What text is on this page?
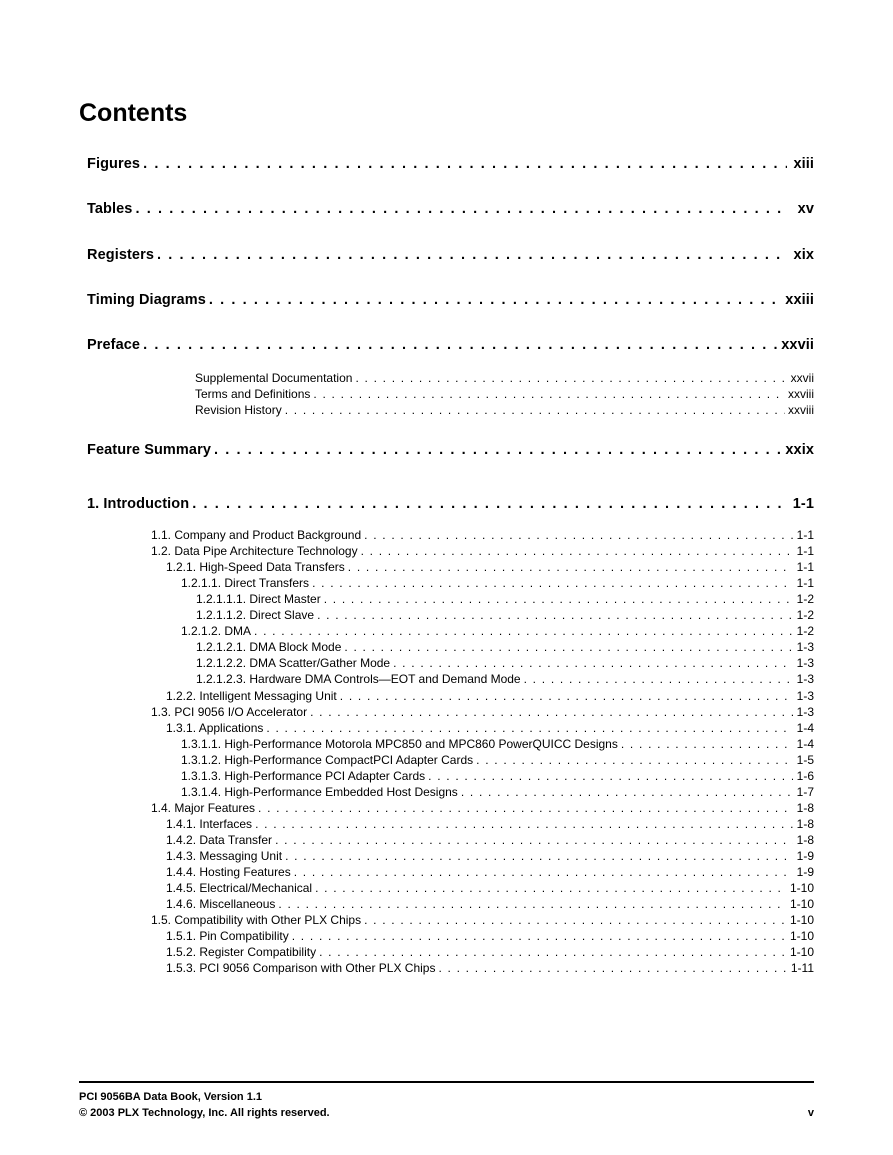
Contents
Figures . . .	xiii
Tables . . .	xv
Registers . . .	xix
Timing Diagrams . . .	xxiii
Preface . . .	xxvii
Supplemental Documentation . . .	xxvii
Terms and Definitions . . .	xxviii
Revision History . . .	xxviii
Feature Summary . . .	xxix
1. Introduction . . .	1-1
1.1. Company and Product Background . . .	1-1
1.2. Data Pipe Architecture Technology . . .	1-1
1.2.1. High-Speed Data Transfers . . .	1-1
1.2.1.1. Direct Transfers . . .	1-1
1.2.1.1.1. Direct Master . . .	1-2
1.2.1.1.2. Direct Slave . . .	1-2
1.2.1.2. DMA . . .	1-2
1.2.1.2.1. DMA Block Mode . . .	1-3
1.2.1.2.2. DMA Scatter/Gather Mode . . .	1-3
1.2.1.2.3. Hardware DMA Controls—EOT and Demand Mode . . .	1-3
1.2.2. Intelligent Messaging Unit . . .	1-3
1.3. PCI 9056 I/O Accelerator . . .	1-3
1.3.1. Applications . . .	1-4
1.3.1.1. High-Performance Motorola MPC850 and MPC860 PowerQUICC Designs . . .	1-4
1.3.1.2. High-Performance CompactPCI Adapter Cards . . .	1-5
1.3.1.3. High-Performance PCI Adapter Cards . . .	1-6
1.3.1.4. High-Performance Embedded Host Designs . . .	1-7
1.4. Major Features . . .	1-8
1.4.1. Interfaces . . .	1-8
1.4.2. Data Transfer . . .	1-8
1.4.3. Messaging Unit . . .	1-9
1.4.4. Hosting Features . . .	1-9
1.4.5. Electrical/Mechanical . . .	1-10
1.4.6. Miscellaneous . . .	1-10
1.5. Compatibility with Other PLX Chips . . .	1-10
1.5.1. Pin Compatibility . . .	1-10
1.5.2. Register Compatibility . . .	1-10
1.5.3. PCI 9056 Comparison with Other PLX Chips . . .	1-11
PCI 9056BA Data Book, Version 1.1
© 2003 PLX Technology, Inc. All rights reserved.	v
